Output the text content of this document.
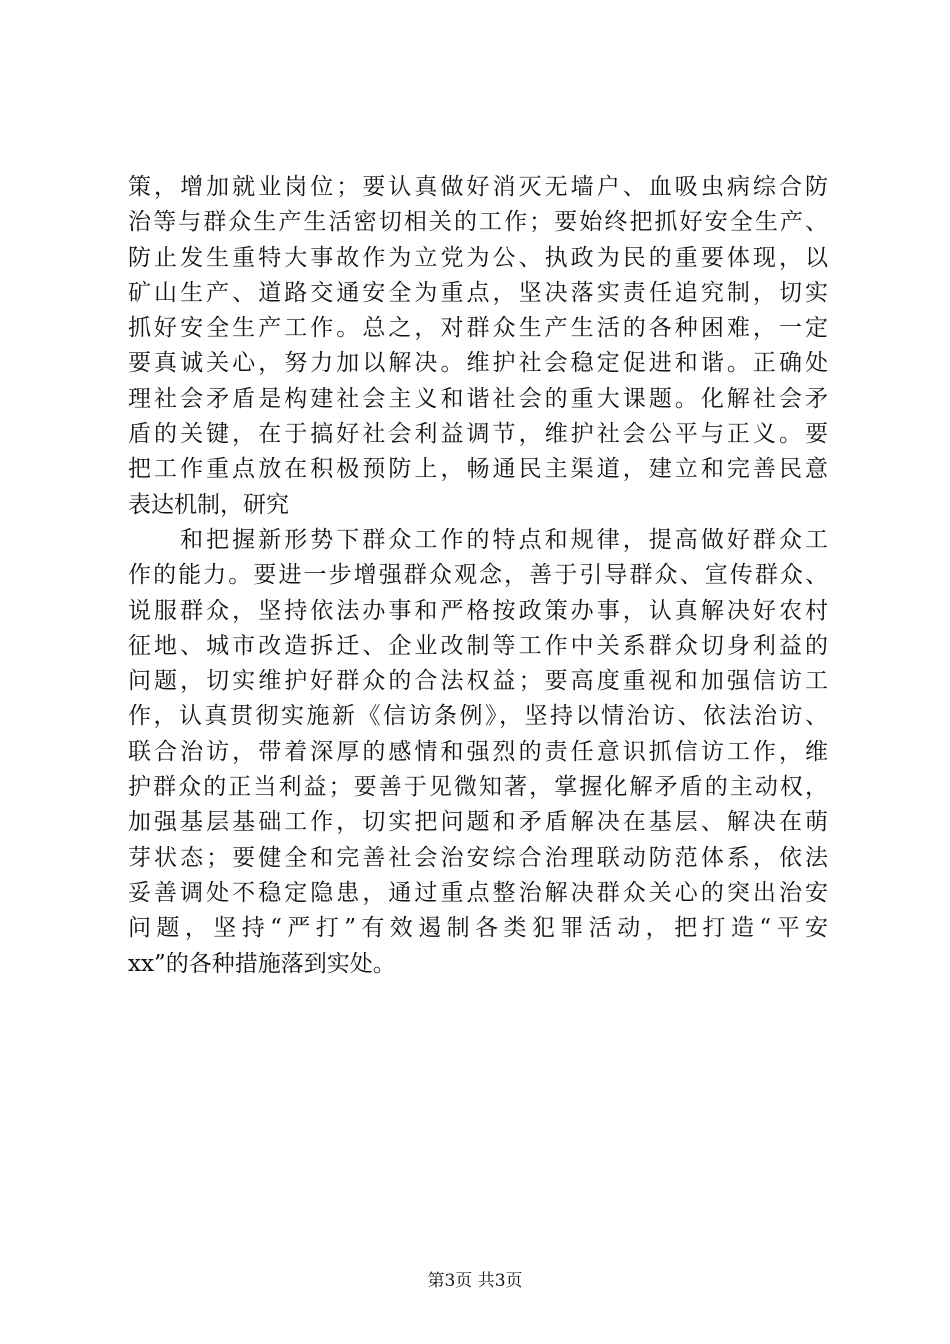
策，增加就业岗位；要认真做好消灭无墙户、血吸虫病综合防
治等与群众生产生活密切相关的工作；要始终把抓好安全生产、
防止发生重特大事故作为立党为公、执政为民的重要体现，以
矿山生产、道路交通安全为重点，坚决落实责任追究制，切实
抓好安全生产工作。总之，对群众生产生活的各种困难，一定
要真诚关心，努力加以解决。维护社会稳定促进和谐。正确处
理社会矛盾是构建社会主义和谐社会的重大课题。化解社会矛
盾的关键，在于搞好社会利益调节，维护社会公平与正义。要
把工作重点放在积极预防上，畅通民主渠道，建立和完善民意
表达机制，研究
　　和把握新形势下群众工作的特点和规律，提高做好群众工
作的能力。要进一步增强群众观念，善于引导群众、宣传群众、
说服群众，坚持依法办事和严格按政策办事，认真解决好农村
征地、城市改造拆迁、企业改制等工作中关系群众切身利益的
问题，切实维护好群众的合法权益；要高度重视和加强信访工
作，认真贯彻实施新《信访条例》，坚持以情治访、依法治访、
联合治访，带着深厚的感情和强烈的责任意识抓信访工作，维
护群众的正当利益；要善于见微知著，掌握化解矛盾的主动权，
加强基层基础工作，切实把问题和矛盾解决在基层、解决在萌
芽状态；要健全和完善社会治安综合治理联动防范体系，依法
妥善调处不稳定隐患，通过重点整治解决群众关心的突出治安
问题，坚持“严打”有效遏制各类犯罪活动，把打造“平安
xx”的各种措施落到实处。
第3页 共3页
